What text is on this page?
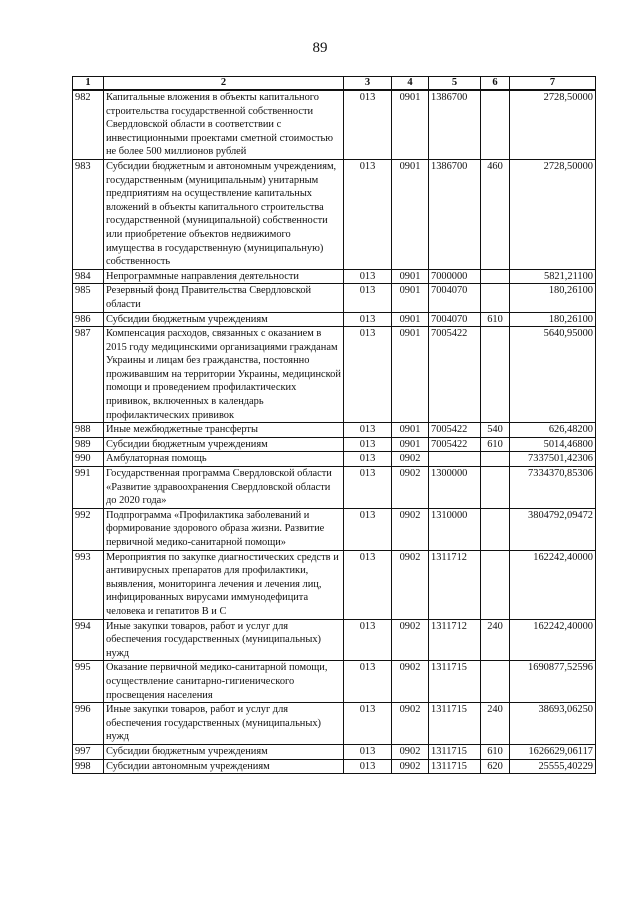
89
1	2	3	4	5	6	7
982	Капитальные вложения в объекты капитального строительства государственной собственности Свердловской области в соответствии с инвестиционными проектами сметной стоимостью не более 500 миллионов рублей	013	0901	1386700		2728,50000
983	Субсидии бюджетным и автономным учреждениям, государственным (муниципальным) унитарным предприятиям на осуществление капитальных вложений в объекты капитального строительства государственной (муниципальной) собственности или приобретение объектов недвижимого имущества в государственную (муниципальную) собственность	013	0901	1386700	460	2728,50000
984	Непрограммные направления деятельности	013	0901	7000000		5821,21100
985	Резервный фонд Правительства Свердловской области	013	0901	7004070		180,26100
986	Субсидии бюджетным учреждениям	013	0901	7004070	610	180,26100
987	Компенсация расходов, связанных с оказанием в 2015 году медицинскими организациями гражданам Украины и лицам без гражданства, постоянно проживавшим на территории Украины, медицинской помощи и проведением профилактических прививок, включенных в календарь профилактических прививок	013	0901	7005422		5640,95000
988	Иные межбюджетные трансферты	013	0901	7005422	540	626,48200
989	Субсидии бюджетным учреждениям	013	0901	7005422	610	5014,46800
990	Амбулаторная помощь	013	0902			7337501,42306
991	Государственная программа Свердловской области «Развитие здравоохранения Свердловской области до 2020 года»	013	0902	1300000		7334370,85306
992	Подпрограмма «Профилактика заболеваний и формирование здорового образа жизни. Развитие первичной медико-санитарной помощи»	013	0902	1310000		3804792,09472
993	Мероприятия по закупке диагностических средств и антивирусных препаратов для профилактики, выявления, мониторинга лечения и лечения лиц, инфицированных вирусами иммунодефицита человека и гепатитов В и С	013	0902	1311712		162242,40000
994	Иные закупки товаров, работ и услуг для обеспечения государственных (муниципальных) нужд	013	0902	1311712	240	162242,40000
995	Оказание первичной медико-санитарной помощи, осуществление санитарно-гигиенического просвещения населения	013	0902	1311715		1690877,52596
996	Иные закупки товаров, работ и услуг для обеспечения государственных (муниципальных) нужд	013	0902	1311715	240	38693,06250
997	Субсидии бюджетным учреждениям	013	0902	1311715	610	1626629,06117
998	Субсидии автономным учреждениям	013	0902	1311715	620	25555,40229
